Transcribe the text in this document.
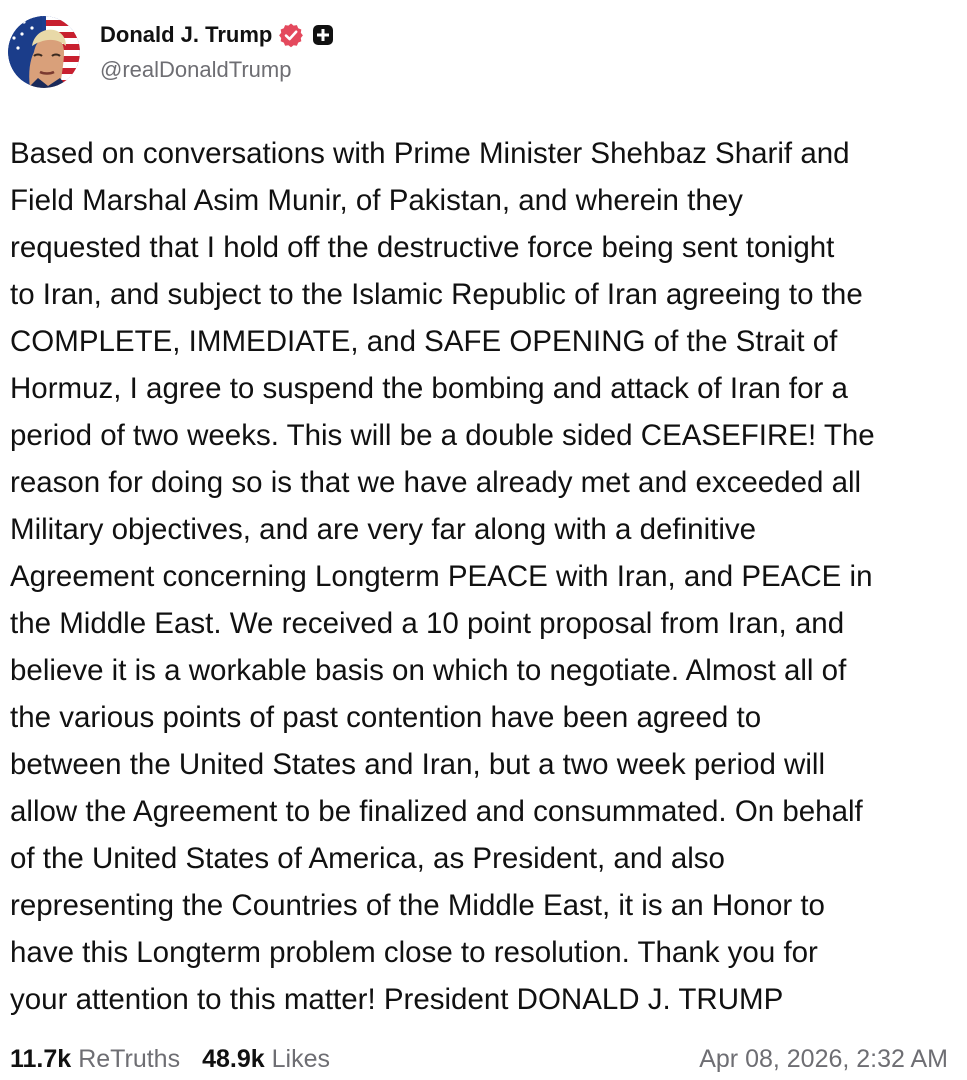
Donald J. Trump
@realDonaldTrump

Based on conversations with Prime Minister Shehbaz Sharif and
Field Marshal Asim Munir, of Pakistan, and wherein they
requested that I hold off the destructive force being sent tonight
to Iran, and subject to the Islamic Republic of Iran agreeing to the
COMPLETE, IMMEDIATE, and SAFE OPENING of the Strait of
Hormuz, I agree to suspend the bombing and attack of Iran for a
period of two weeks. This will be a double sided CEASEFIRE! The
reason for doing so is that we have already met and exceeded all
Military objectives, and are very far along with a definitive
Agreement concerning Longterm PEACE with Iran, and PEACE in
the Middle East. We received a 10 point proposal from Iran, and
believe it is a workable basis on which to negotiate. Almost all of
the various points of past contention have been agreed to
between the United States and Iran, but a two week period will
allow the Agreement to be finalized and consummated. On behalf
of the United States of America, as President, and also
representing the Countries of the Middle East, it is an Honor to
have this Longterm problem close to resolution. Thank you for
your attention to this matter! President DONALD J. TRUMP

11.7k ReTruths 48.9k Likes	Apr 08, 2026, 2:32 AM
